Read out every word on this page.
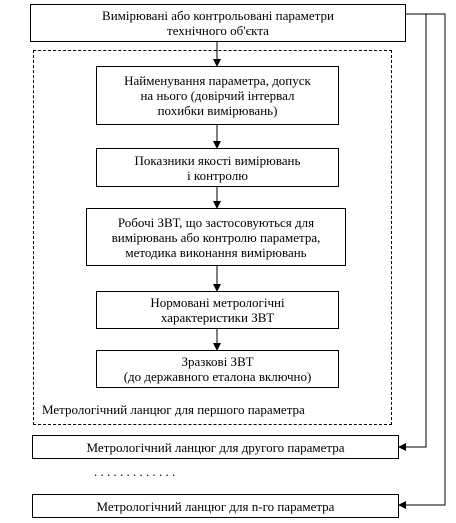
Вимірювані або контрольовані параметри
технічного об'єкта
Найменування параметра, допуск
на нього (довірчий інтервал
похибки вимірювань)
Показники якості вимірювань
і контролю
Робочі ЗВТ, що застосовуються для
вимірювань або контролю параметра,
методика виконання вимірювань
Нормовані метрологічні
характеристики ЗВТ
Зразкові ЗВТ
(до державного еталона включно)
Метрологічний ланцюг для першого параметра
Метрологічний ланцюг для другого параметра
. . . . . . . . . . . . .
Метрологічний ланцюг для n-го параметра
